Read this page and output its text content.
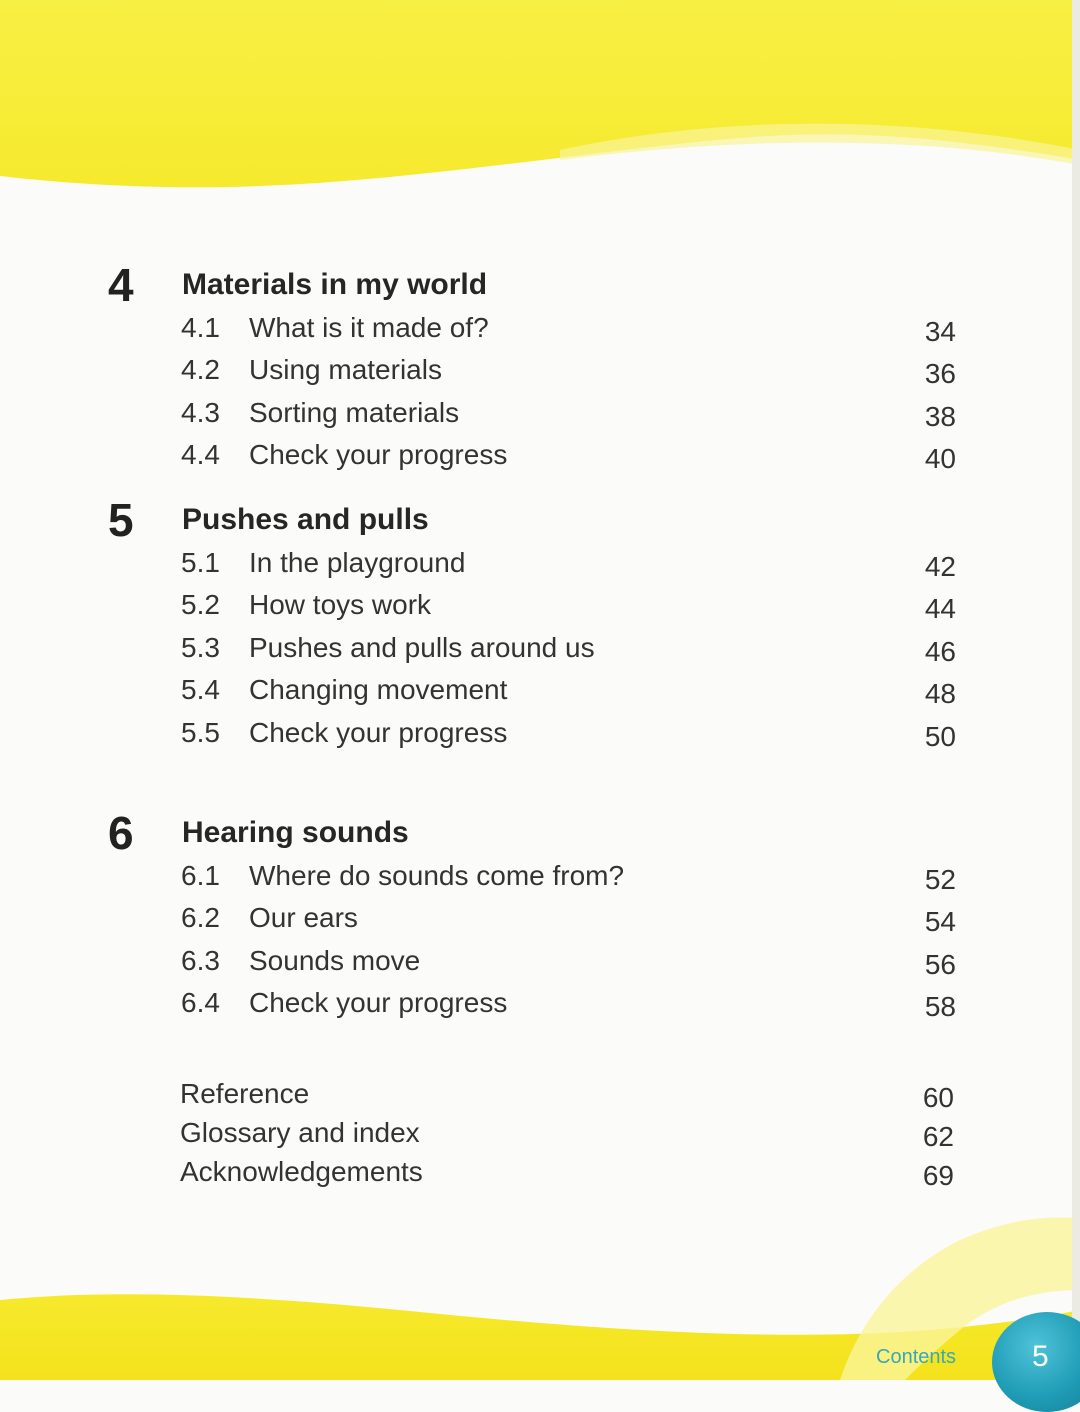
4 Materials in my world
4.1 What is it made of?	34
4.2 Using materials	36
4.3 Sorting materials	38
4.4 Check your progress	40
5 Pushes and pulls
5.1 In the playground	42
5.2 How toys work	44
5.3 Pushes and pulls around us	46
5.4 Changing movement	48
5.5 Check your progress	50
6 Hearing sounds
6.1 Where do sounds come from?	52
6.2 Our ears	54
6.3 Sounds move	56
6.4 Check your progress	58
Reference	60
Glossary and index	62
Acknowledgements	69
Contents	5
